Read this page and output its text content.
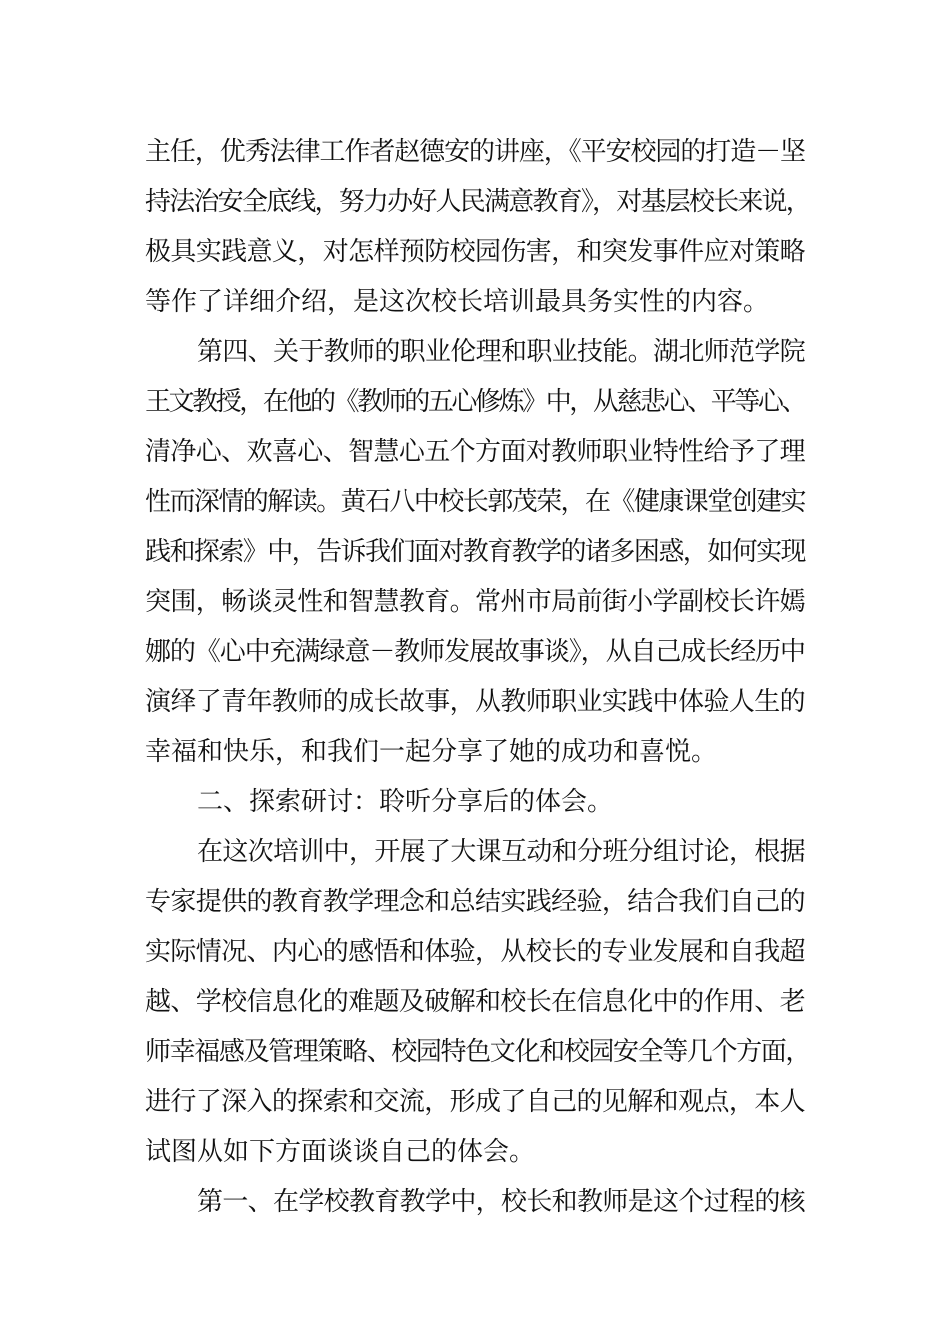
主任，优秀法律工作者赵德安的讲座，《平安校园的打造－坚
持法治安全底线，努力办好人民满意教育》，对基层校长来说，
极具实践意义，对怎样预防校园伤害，和突发事件应对策略
等作了详细介绍，是这次校长培训最具务实性的内容。
第四、关于教师的职业伦理和职业技能。湖北师范学院
王文教授，在他的《教师的五心修炼》中，从慈悲心、平等心、
清净心、欢喜心、智慧心五个方面对教师职业特性给予了理
性而深情的解读。黄石八中校长郭茂荣，在《健康课堂创建实
践和探索》中，告诉我们面对教育教学的诸多困惑，如何实现
突围，畅谈灵性和智慧教育。常州市局前街小学副校长许嫣
娜的《心中充满绿意－教师发展故事谈》，从自己成长经历中
演绎了青年教师的成长故事，从教师职业实践中体验人生的
幸福和快乐，和我们一起分享了她的成功和喜悦。
二、探索研讨：聆听分享后的体会。
在这次培训中，开展了大课互动和分班分组讨论，根据
专家提供的教育教学理念和总结实践经验，结合我们自己的
实际情况、内心的感悟和体验，从校长的专业发展和自我超
越、学校信息化的难题及破解和校长在信息化中的作用、老
师幸福感及管理策略、校园特色文化和校园安全等几个方面，
进行了深入的探索和交流，形成了自己的见解和观点，本人
试图从如下方面谈谈自己的体会。
第一、在学校教育教学中，校长和教师是这个过程的核
